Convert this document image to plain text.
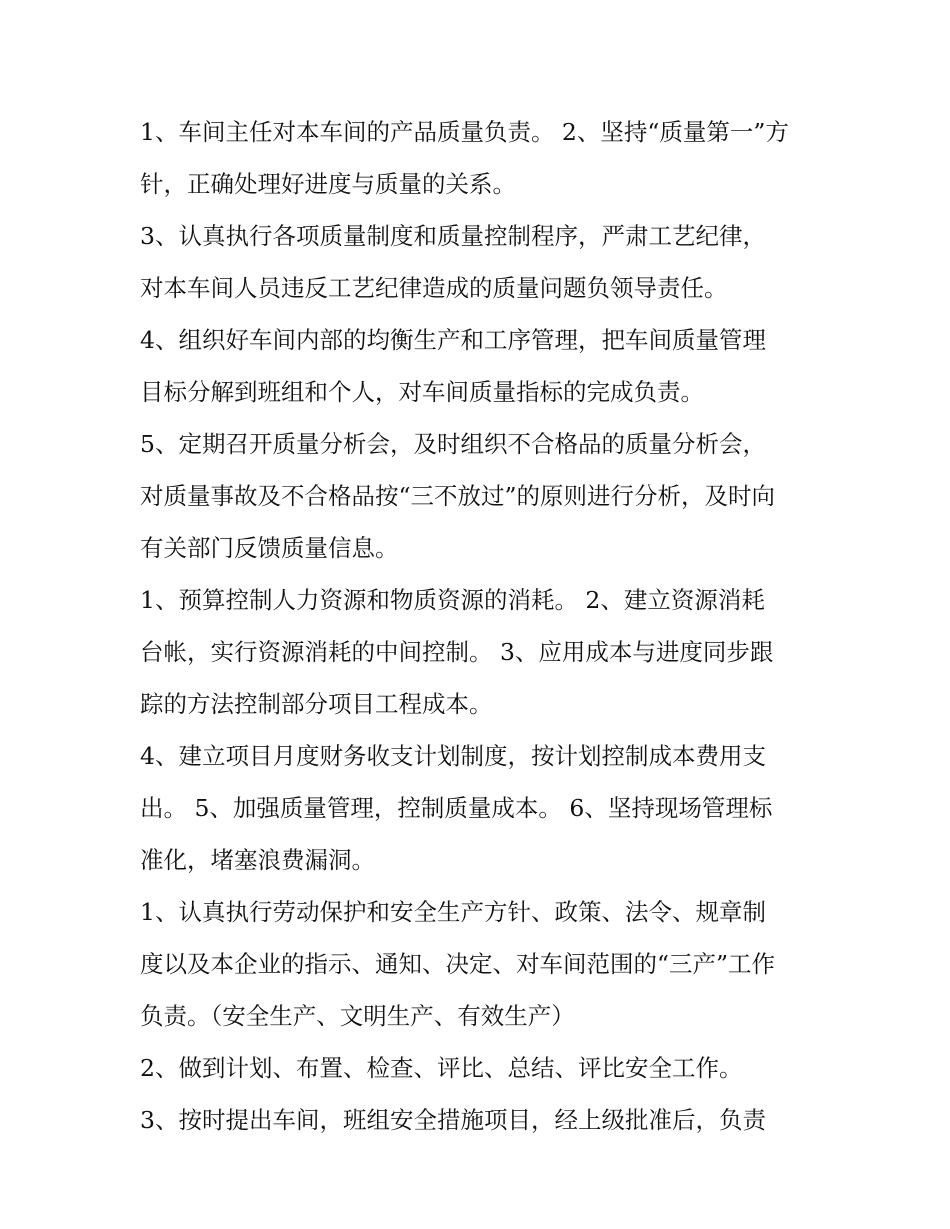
1、车间主任对本车间的产品质量负责。 2、坚持“质量第一”方
针，正确处理好进度与质量的关系。
3、认真执行各项质量制度和质量控制程序，严肃工艺纪律，
对本车间人员违反工艺纪律造成的质量问题负领导责任。
4、组织好车间内部的均衡生产和工序管理，把车间质量管理
目标分解到班组和个人，对车间质量指标的完成负责。
5、定期召开质量分析会，及时组织不合格品的质量分析会，
对质量事故及不合格品按“三不放过”的原则进行分析，及时向
有关部门反馈质量信息。
1、预算控制人力资源和物质资源的消耗。 2、建立资源消耗
台帐，实行资源消耗的中间控制。 3、应用成本与进度同步跟
踪的方法控制部分项目工程成本。
4、建立项目月度财务收支计划制度，按计划控制成本费用支
出。 5、加强质量管理，控制质量成本。 6、坚持现场管理标
准化，堵塞浪费漏洞。
1、认真执行劳动保护和安全生产方针、政策、法令、规章制
度以及本企业的指示、通知、决定、对车间范围的“三产”工作
负责。（安全生产、文明生产、有效生产）
2、做到计划、布置、检查、评比、总结、评比安全工作。
3、按时提出车间，班组安全措施项目，经上级批准后，负责
